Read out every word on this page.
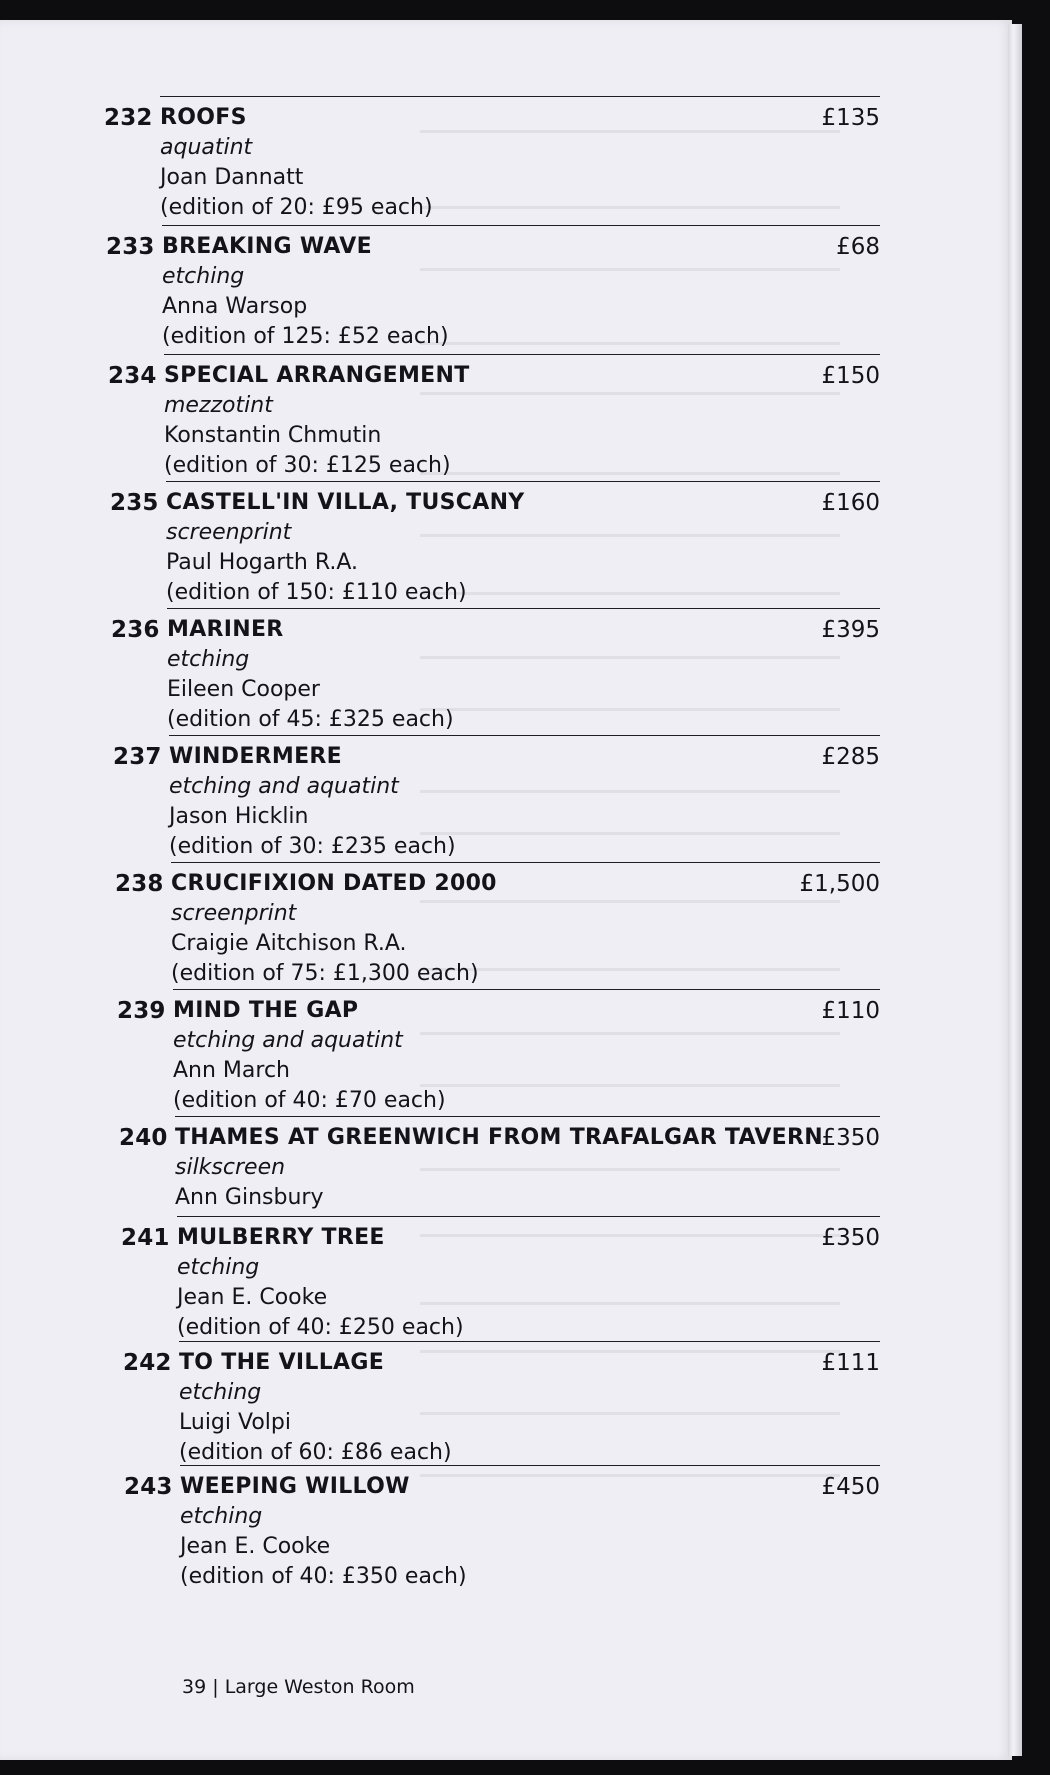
232 ROOFS
aquatint
Joan Dannatt
(edition of 20: £95 each)
£135
233 BREAKING WAVE
etching
Anna Warsop
(edition of 125: £52 each)
£68
234 SPECIAL ARRANGEMENT
mezzotint
Konstantin Chmutin
(edition of 30: £125 each)
£150
235 CASTELL'IN VILLA, TUSCANY
screenprint
Paul Hogarth R.A.
(edition of 150: £110 each)
£160
236 MARINER
etching
Eileen Cooper
(edition of 45: £325 each)
£395
237 WINDERMERE
etching and aquatint
Jason Hicklin
(edition of 30: £235 each)
£285
238 CRUCIFIXION DATED 2000
screenprint
Craigie Aitchison R.A.
(edition of 75: £1,300 each)
£1,500
239 MIND THE GAP
etching and aquatint
Ann March
(edition of 40: £70 each)
£110
240 THAMES AT GREENWICH FROM TRAFALGAR TAVERN
silkscreen
Ann Ginsbury
£350
241 MULBERRY TREE
etching
Jean E. Cooke
(edition of 40: £250 each)
£350
242 TO THE VILLAGE
etching
Luigi Volpi
(edition of 60: £86 each)
£111
243 WEEPING WILLOW
etching
Jean E. Cooke
(edition of 40: £350 each)
£450
39 | Large Weston Room
